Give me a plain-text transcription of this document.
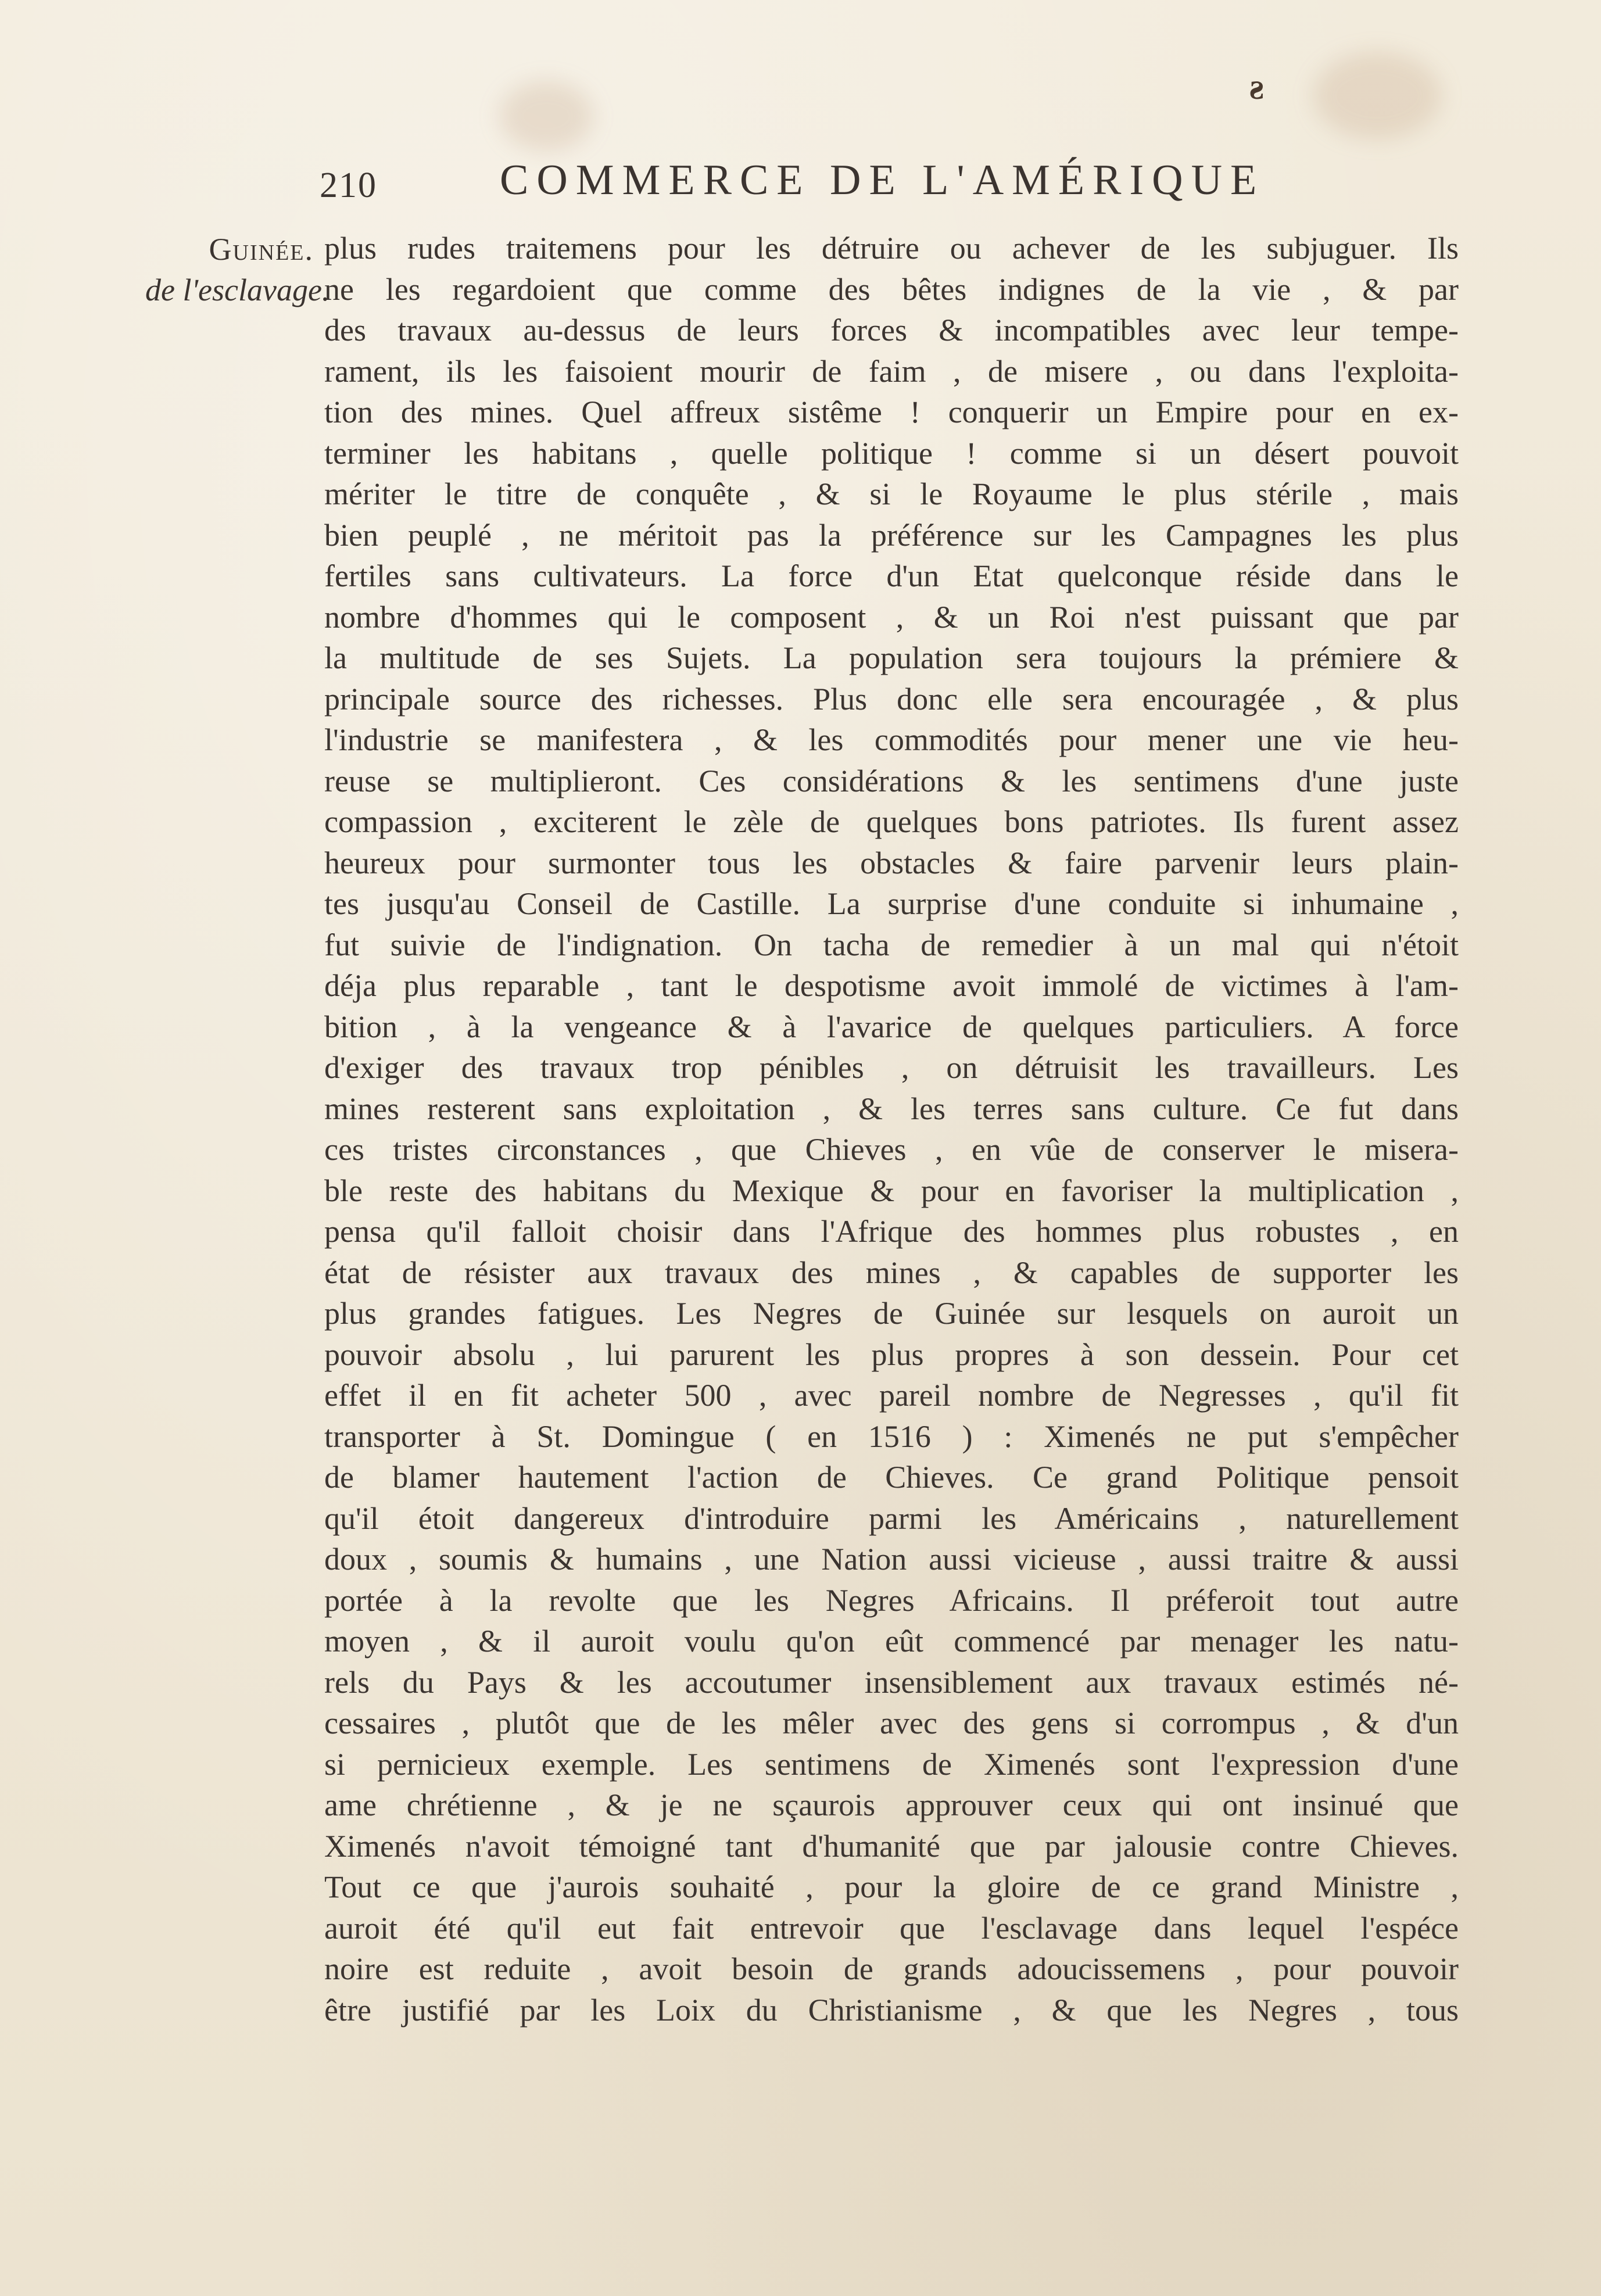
ƨ
210	COMMERCE DE L'AMÉRIQUE
Guinée.
de l'esclavage.
plus rudes traitemens pour les détruire ou achever de les subjuguer. Ils
ne les regardoient que comme des bêtes indignes de la vie , & par
des travaux au-dessus de leurs forces & incompatibles avec leur tempe-
rament, ils les faisoient mourir de faim , de misere , ou dans l'exploita-
tion des mines. Quel affreux sistême ! conquerir un Empire pour en ex-
terminer les habitans , quelle politique ! comme si un désert pouvoit
mériter le titre de conquête , & si le Royaume le plus stérile , mais
bien peuplé , ne méritoit pas la préférence sur les Campagnes les plus
fertiles sans cultivateurs. La force d'un Etat quelconque réside dans le
nombre d'hommes qui le composent , & un Roi n'est puissant que par
la multitude de ses Sujets. La population sera toujours la prémiere &
principale source des richesses. Plus donc elle sera encouragée , & plus
l'industrie se manifestera , & les commodités pour mener une vie heu-
reuse se multiplieront. Ces considérations & les sentimens d'une juste
compassion , exciterent le zèle de quelques bons patriotes. Ils furent assez
heureux pour surmonter tous les obstacles & faire parvenir leurs plain-
tes jusqu'au Conseil de Castille. La surprise d'une conduite si inhumaine ,
fut suivie de l'indignation. On tacha de remedier à un mal qui n'étoit
déja plus reparable , tant le despotisme avoit immolé de victimes à l'am-
bition , à la vengeance & à l'avarice de quelques particuliers. A force
d'exiger des travaux trop pénibles , on détruisit les travailleurs. Les
mines resterent sans exploitation , & les terres sans culture. Ce fut dans
ces tristes circonstances , que Chieves , en vûe de conserver le misera-
ble reste des habitans du Mexique & pour en favoriser la multiplication ,
pensa qu'il falloit choisir dans l'Afrique des hommes plus robustes , en
état de résister aux travaux des mines , & capables de supporter les
plus grandes fatigues. Les Negres de Guinée sur lesquels on auroit un
pouvoir absolu , lui parurent les plus propres à son dessein. Pour cet
effet il en fit acheter 500 , avec pareil nombre de Negresses , qu'il fit
transporter à St. Domingue ( en 1516 ) : Ximenés ne put s'empêcher
de blamer hautement l'action de Chieves. Ce grand Politique pensoit
qu'il étoit dangereux d'introduire parmi les Américains , naturellement
doux , soumis & humains , une Nation aussi vicieuse , aussi traitre & aussi
portée à la revolte que les Negres Africains. Il préferoit tout autre
moyen , & il auroit voulu qu'on eût commencé par menager les natu-
rels du Pays & les accoutumer insensiblement aux travaux estimés né-
cessaires , plutôt que de les mêler avec des gens si corrompus , & d'un
si pernicieux exemple. Les sentimens de Ximenés sont l'expression d'une
ame chrétienne , & je ne sçaurois approuver ceux qui ont insinué que
Ximenés n'avoit témoigné tant d'humanité que par jalousie contre Chieves.
Tout ce que j'aurois souhaité , pour la gloire de ce grand Ministre ,
auroit été qu'il eut fait entrevoir que l'esclavage dans lequel l'espéce
noire est reduite , avoit besoin de grands adoucissemens , pour pouvoir
être justifié par les Loix du Christianisme , & que les Negres , tous
